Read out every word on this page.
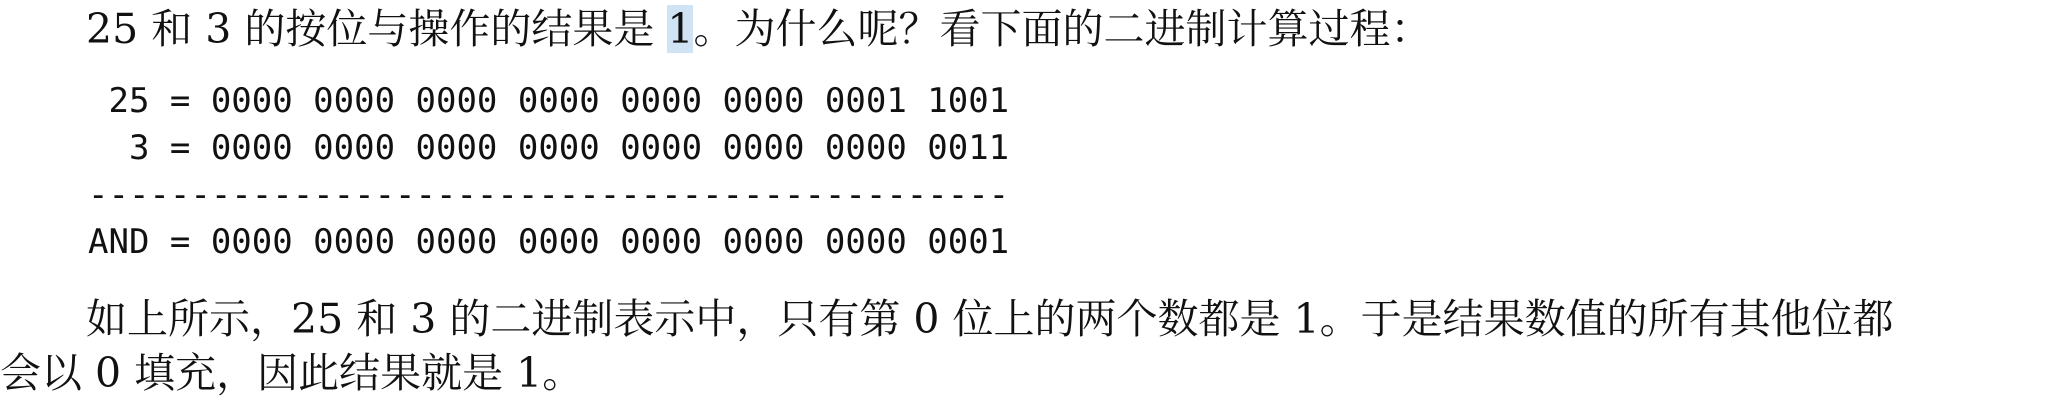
25 和 3 的按位与操作的结果是 1。为什么呢？看下面的二进制计算过程：

25 = 0000 0000 0000 0000 0000 0000 0001 1001
3 = 0000 0000 0000 0000 0000 0000 0000 0011
---------------------------------------------
AND = 0000 0000 0000 0000 0000 0000 0000 0001

如上所示，25 和 3 的二进制表示中，只有第 0 位上的两个数都是 1。于是结果数值的所有其他位都
会以 0 填充，因此结果就是 1。
